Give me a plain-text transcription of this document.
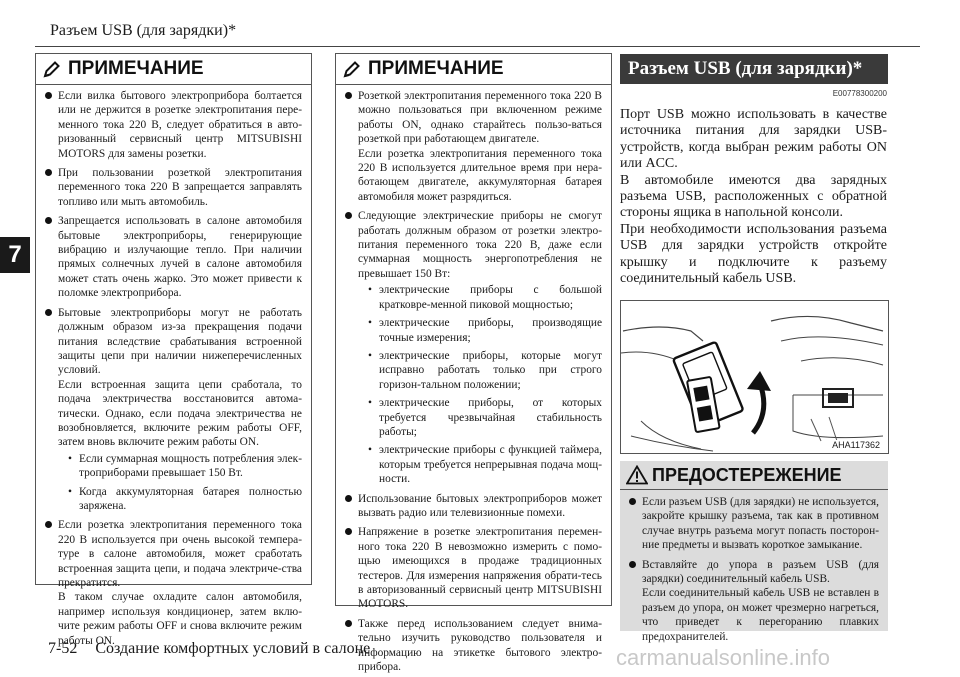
Разъем USB (для зарядки)*
7
ПРИМЕЧАНИЕ
Если вилка бытового электроприбора болтается или не держится в розетке электропитания пере-менного тока 220 В, следует обратиться в авто-ризованный сервисный центр MITSUBISHI MOTORS для замены розетки.
При пользовании розеткой электропитания переменного тока 220 В запрещается заправлять топливо или мыть автомобиль.
Запрещается использовать в салоне автомобиля бытовые электроприборы, генерирующие вибрацию и излучающие тепло. При наличии прямых солнечных лучей в салоне автомобиля может стать очень жарко. Это может привести к поломке электроприбора.
Бытовые электроприборы могут не работать должным образом из-за прекращения подачи питания вследствие срабатывания встроенной защиты цепи при наличии нижеперечисленных условий.

Если встроенная защита цепи сработала, то подача электричества восстановится автома-тически. Однако, если подача электричества не возобновляется, включите режим работы OFF, затем вновь включите режим работы ON.

• Если суммарная мощность потребления элек-троприборами превышает 150 Вт.
• Когда аккумуляторная батарея полностью заряжена.
Если розетка электропитания переменного тока 220 В используется при очень высокой темпера-туре в салоне автомобиля, может сработать встроенная защита цепи, и подача электриче-ства прекратится.

В таком случае охладите салон автомобиля, например используя кондиционер, затем вклю-чите режим работы OFF и снова включите режим работы ON.

ПРИМЕЧАНИЕ
Розеткой электропитания переменного тока 220 В можно пользоваться при включенном режиме работы ON, однако старайтесь пользо-ваться розеткой при работающем двигателе.

Если розетка электропитания переменного тока 220 В используется длительное время при нера-ботающем двигателе, аккумуляторная батарея автомобиля может разрядиться.

Следующие электрические приборы не смогут работать должным образом от розетки электро-питания переменного тока 220 В, даже если суммарная мощность энергопотребления не превышает 150 Вт:
• электрические приборы с большой кратковре-менной пиковой мощностью;
• электрические приборы, производящие точные измерения;
• электрические приборы, которые могут исправно работать только при строго горизон-тальном положении;
• электрические приборы, от которых требуется чрезвычайная стабильность работы;
• электрические приборы с функцией таймера, которым требуется непрерывная подача мощ-ности.
Использование бытовых электроприборов может вызвать радио или телевизионные помехи.
Напряжение в розетке электропитания перемен-ного тока 220 В невозможно измерить с помо-щью имеющихся в продаже традиционных тестеров. Для измерения напряжения обрати-тесь в авторизованный сервисный центр MITSUBISHI MOTORS.
Также перед использованием следует внима-тельно изучить руководство пользователя и информацию на этикетке бытового электро-прибора.
Разъем USB (для зарядки)*
E00778300200

Порт USB можно использовать в качестве источника питания для зарядки USB-устройств, когда выбран режим работы ON или ACC.

В автомобиле имеются два зарядных разъема USB, расположенных с обратной стороны ящика в напольной консоли.

При необходимости использования разъема USB для зарядки устройств откройте крышку и подключите к разъему соединительный кабель USB.

AHA117362
ПРЕДОСТЕРЕЖЕНИЕ
Если разъем USB (для зарядки) не используется, закройте крышку разъема, так как в противном случае внутрь разъема могут попасть посторон-ние предметы и вызвать короткое замыкание.
Вставляйте до упора в разъем USB (для зарядки) соединительный кабель USB.

Если соединительный кабель USB не вставлен в разъем до упора, он может чрезмерно нагреться, что приведет к перегоранию плавких предохранителей.

7-52 Создание комфортных условий в салоне	carmanualsonline.info
